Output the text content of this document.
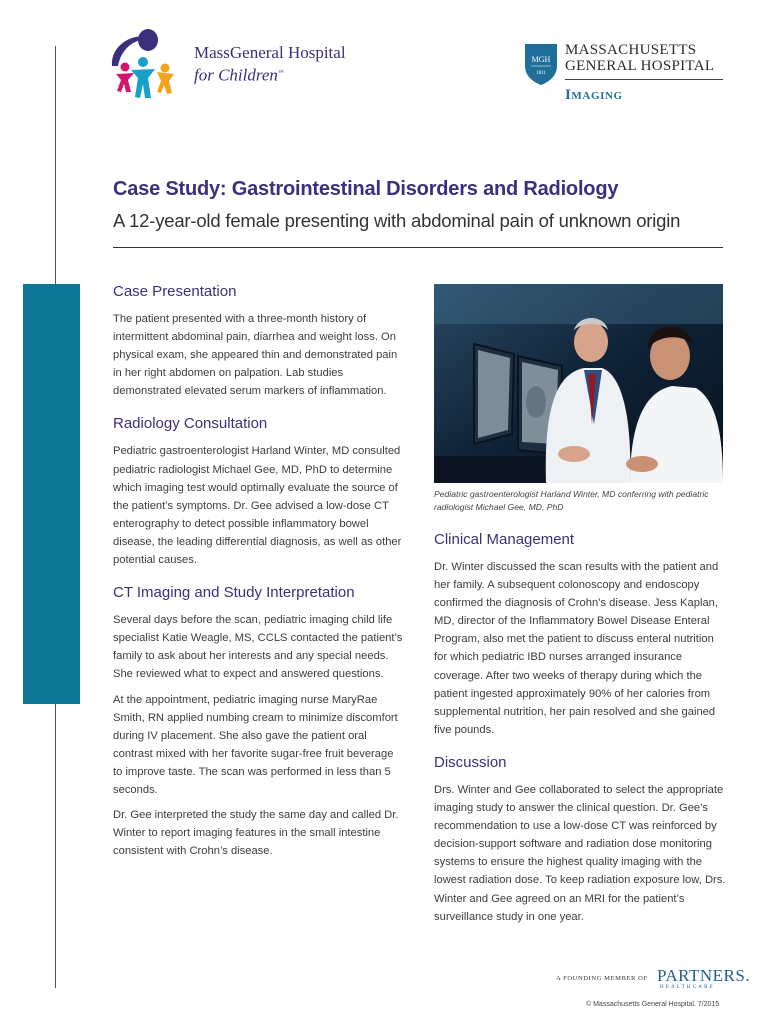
MassGeneral Hospital
for Children™
MGH
1811
MASSACHUSETTS
GENERAL HOSPITAL
Imaging
Case Study: Gastrointestinal Disorders and Radiology
A 12-year-old female presenting with abdominal pain of unknown origin
Case Presentation

The patient presented with a three-month history of intermittent abdominal pain, diarrhea and weight loss. On physical exam, she appeared thin and demonstrated pain in her right abdomen on palpation. Lab studies demonstrated elevated serum markers of inflammation.

Radiology Consultation

Pediatric gastroenterologist Harland Winter, MD consulted pediatric radiologist Michael Gee, MD, PhD to determine which imaging test would optimally evaluate the source of the patient’s symptoms. Dr. Gee advised a low-dose CT enterography to detect possible inflammatory bowel disease, the leading differential diagnosis, as well as other potential causes.

CT Imaging and Study Interpretation

Several days before the scan, pediatric imaging child life specialist Katie Weagle, MS, CCLS contacted the patient’s family to ask about her interests and any special needs. She reviewed what to expect and answered questions.

At the appointment, pediatric imaging nurse MaryRae Smith, RN applied numbing cream to minimize discomfort during IV placement. She also gave the patient oral contrast mixed with her favorite sugar-free fruit beverage to improve taste. The scan was performed in less than 5 seconds.

Dr. Gee interpreted the study the same day and called Dr. Winter to report imaging features in the small intestine consistent with Crohn’s disease.

Pediatric gastroenterologist Harland Winter, MD conferring with pediatric radiologist Michael Gee, MD, PhD
Clinical Management

Dr. Winter discussed the scan results with the patient and her family. A subsequent colonoscopy and endoscopy confirmed the diagnosis of Crohn’s disease. Jess Kaplan, MD, director of the Inflammatory Bowel Disease Enteral Program, also met the patient to discuss enteral nutrition for which pediatric IBD nurses arranged insurance coverage. After two weeks of therapy during which the patient ingested approximately 90% of her calories from supplemental nutrition, her pain resolved and she gained five pounds.

Discussion

Drs. Winter and Gee collaborated to select the appropriate imaging study to answer the clinical question. Dr. Gee’s recommendation to use a low-dose CT was reinforced by decision-support software and radiation dose monitoring systems to ensure the highest quality imaging with the lowest radiation dose. To keep radiation exposure low, Drs. Winter and Gee agreed on an MRI for the patient’s surveillance study in one year.

A FOUNDING MEMBER OF PARTNERS.
HEALTHCARE
© Massachusetts General Hospital. 7/2015
